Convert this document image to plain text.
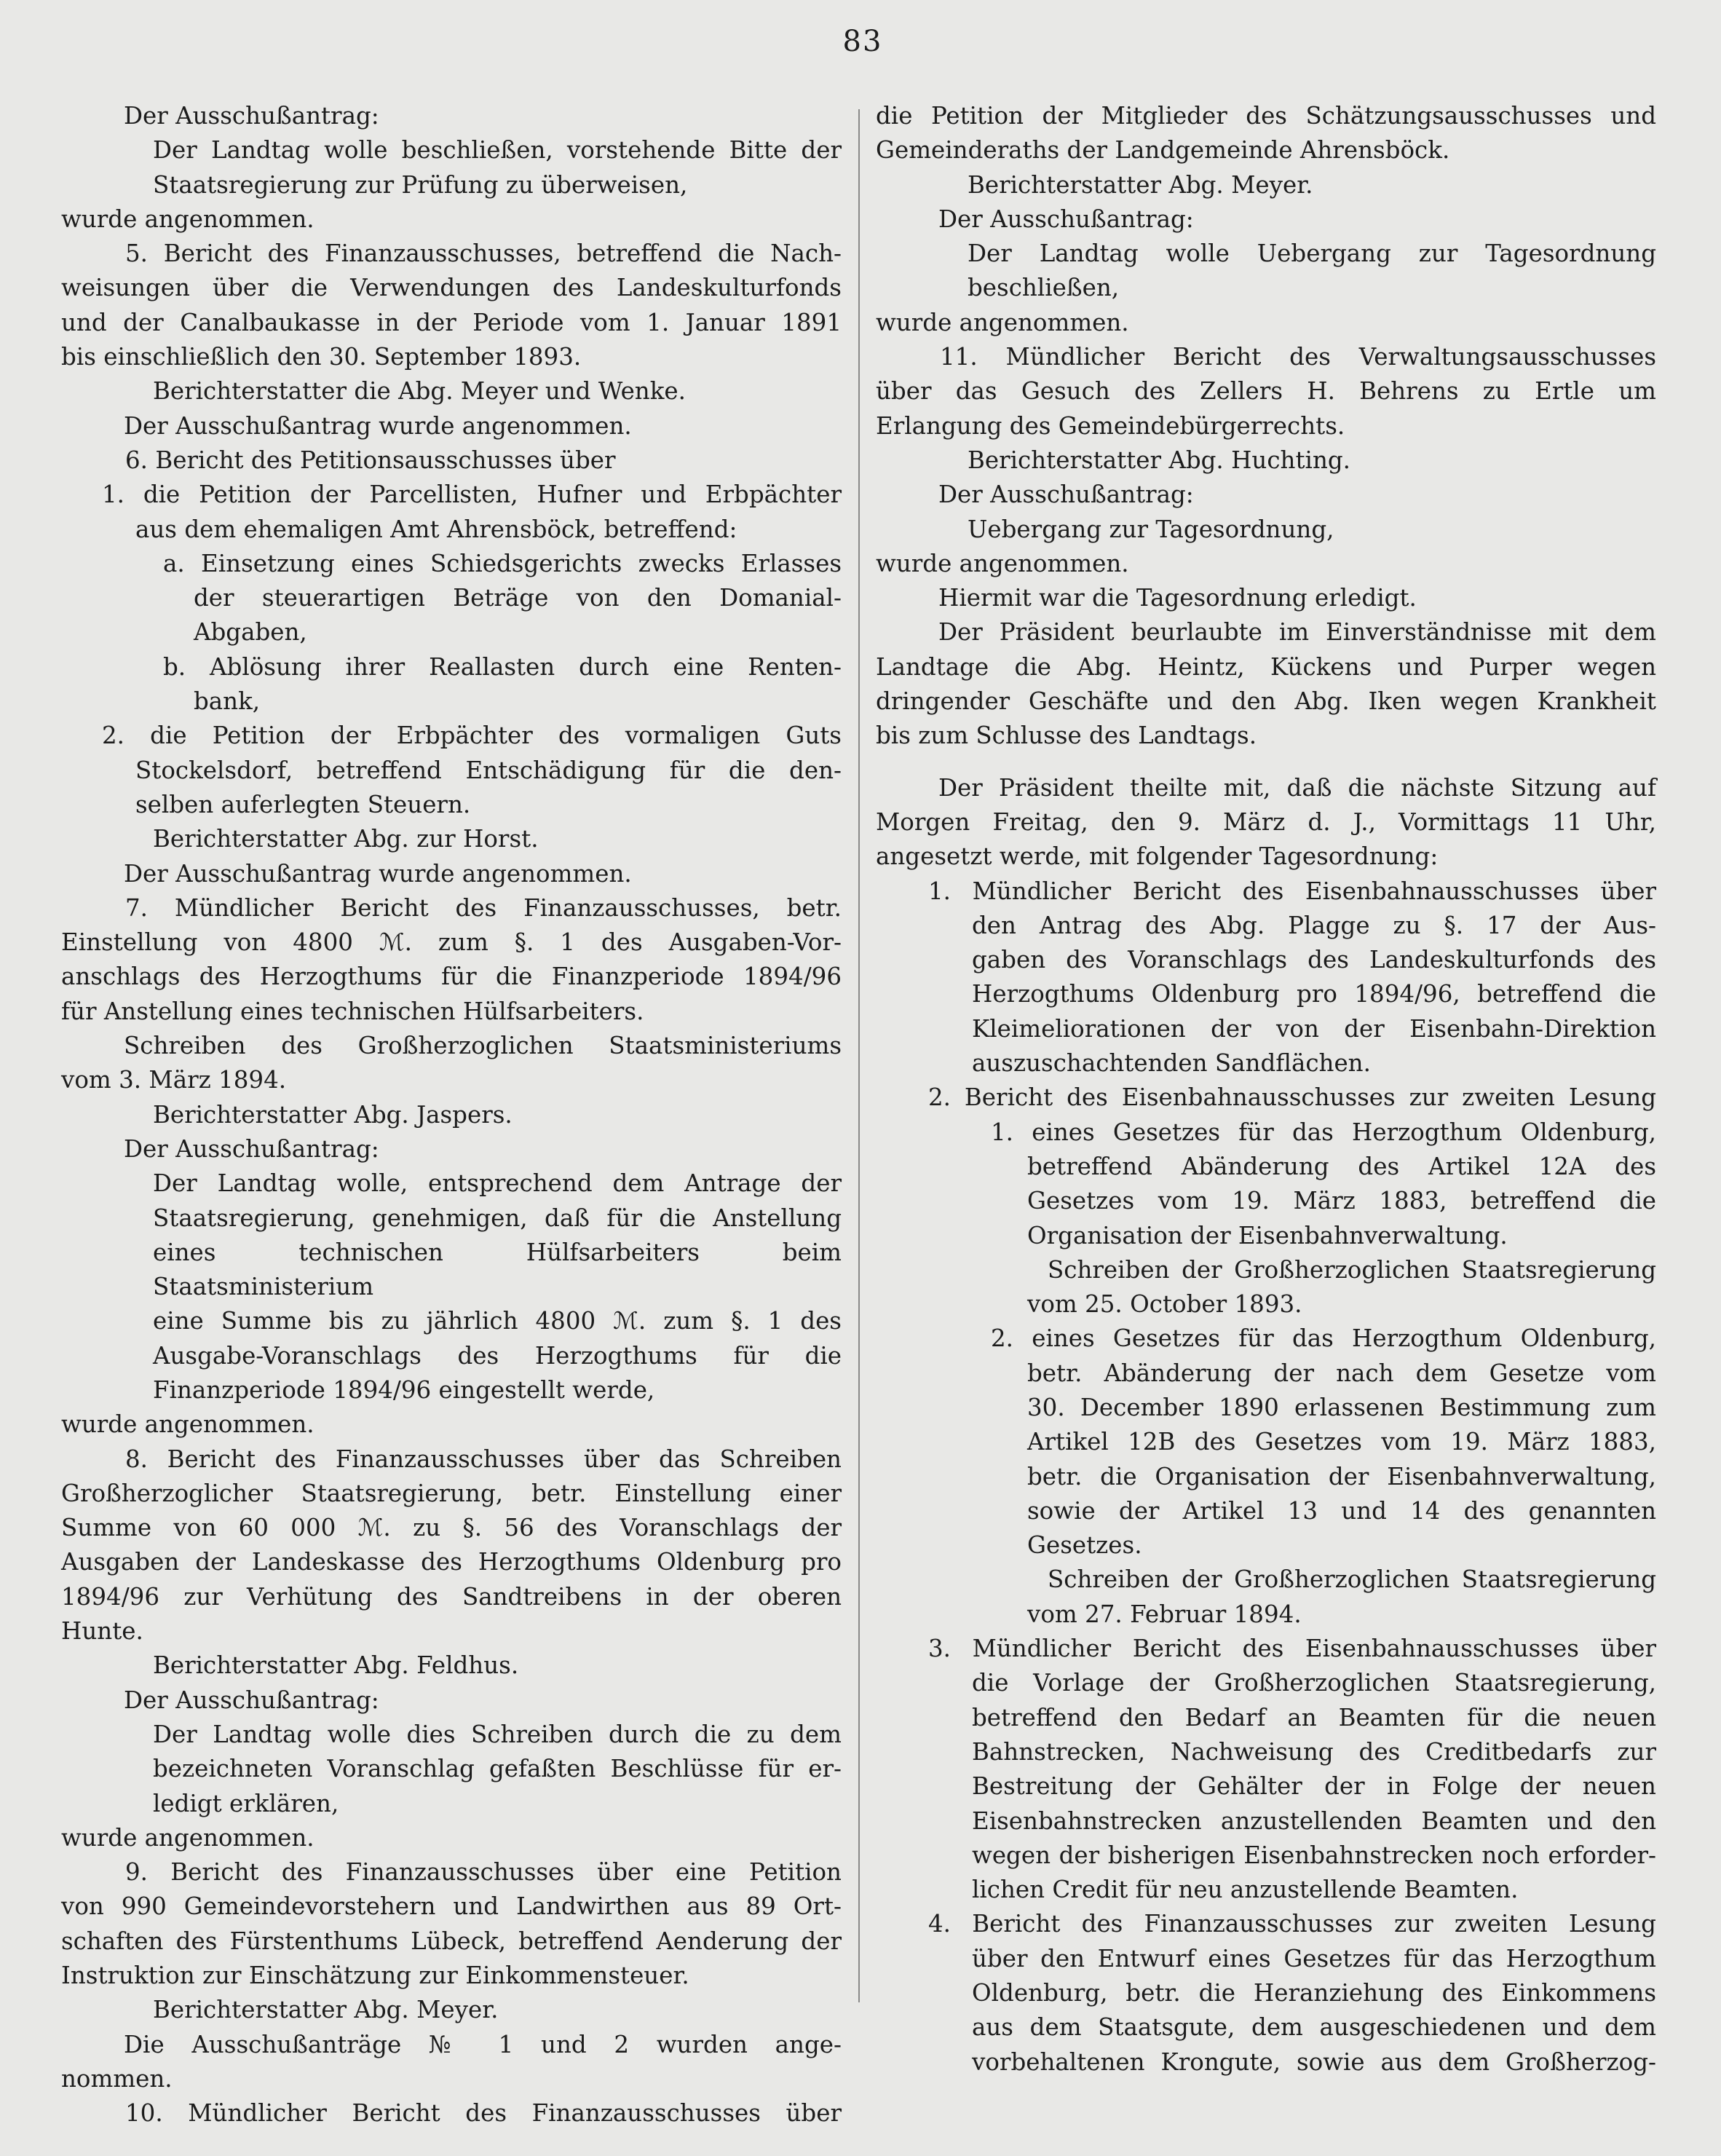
83

Der Ausschußantrag:

Der Landtag wolle beschließen, vorstehende Bitte der

Staatsregierung zur Prüfung zu überweisen,

wurde angenommen.

5. Bericht des Finanzausschusses, betreffend die Nach-

weisungen über die Verwendungen des Landeskulturfonds

und der Canalbaukasse in der Periode vom 1. Januar 1891

bis einschließlich den 30. September 1893.

Berichterstatter die Abg. Meyer und Wenke.

Der Ausschußantrag wurde angenommen.

6. Bericht des Petitionsausschusses über

1. die Petition der Parcellisten, Hufner und Erbpächter

aus dem ehemaligen Amt Ahrensböck, betreffend:

a. Einsetzung eines Schiedsgerichts zwecks Erlasses

der steuerartigen Beträge von den Domanial-

Abgaben,

b. Ablösung ihrer Reallasten durch eine Renten-

bank,

2. die Petition der Erbpächter des vormaligen Guts

Stockelsdorf, betreffend Entschädigung für die den-

selben auferlegten Steuern.

Berichterstatter Abg. zur Horst.

Der Ausschußantrag wurde angenommen.

7. Mündlicher Bericht des Finanzausschusses, betr.

Einstellung von 4800 ℳ. zum §. 1 des Ausgaben-Vor-

anschlags des Herzogthums für die Finanzperiode 1894/96

für Anstellung eines technischen Hülfsarbeiters.

Schreiben des Großherzoglichen Staatsministeriums

vom 3. März 1894.

Berichterstatter Abg. Jaspers.

Der Ausschußantrag:

Der Landtag wolle, entsprechend dem Antrage der

Staatsregierung, genehmigen, daß für die Anstellung

eines technischen Hülfsarbeiters beim Staatsministerium

eine Summe bis zu jährlich 4800 ℳ. zum §. 1 des

Ausgabe-Voranschlags des Herzogthums für die

Finanzperiode 1894/96 eingestellt werde,

wurde angenommen.

8. Bericht des Finanzausschusses über das Schreiben

Großherzoglicher Staatsregierung, betr. Einstellung einer

Summe von 60 000 ℳ. zu §. 56 des Voranschlags der

Ausgaben der Landeskasse des Herzogthums Oldenburg pro

1894/96 zur Verhütung des Sandtreibens in der oberen

Hunte.

Berichterstatter Abg. Feldhus.

Der Ausschußantrag:

Der Landtag wolle dies Schreiben durch die zu dem

bezeichneten Voranschlag gefaßten Beschlüsse für er-

ledigt erklären,

wurde angenommen.

9. Bericht des Finanzausschusses über eine Petition

von 990 Gemeindevorstehern und Landwirthen aus 89 Ort-

schaften des Fürstenthums Lübeck, betreffend Aenderung der

Instruktion zur Einschätzung zur Einkommensteuer.

Berichterstatter Abg. Meyer.

Die Ausschußanträge № 1 und 2 wurden ange-

nommen.

10. Mündlicher Bericht des Finanzausschusses über

die Petition der Mitglieder des Schätzungsausschusses und

Gemeinderaths der Landgemeinde Ahrensböck.

Berichterstatter Abg. Meyer.

Der Ausschußantrag:

Der Landtag wolle Uebergang zur Tagesordnung

beschließen,

wurde angenommen.

11. Mündlicher Bericht des Verwaltungsausschusses

über das Gesuch des Zellers H. Behrens zu Ertle um

Erlangung des Gemeindebürgerrechts.

Berichterstatter Abg. Huchting.

Der Ausschußantrag:

Uebergang zur Tagesordnung,

wurde angenommen.

Hiermit war die Tagesordnung erledigt.

Der Präsident beurlaubte im Einverständnisse mit dem

Landtage die Abg. Heintz, Kückens und Purper wegen

dringender Geschäfte und den Abg. Iken wegen Krankheit

bis zum Schlusse des Landtags.

Der Präsident theilte mit, daß die nächste Sitzung auf

Morgen Freitag, den 9. März d. J., Vormittags 11 Uhr,

angesetzt werde, mit folgender Tagesordnung:

1. Mündlicher Bericht des Eisenbahnausschusses über

den Antrag des Abg. Plagge zu §. 17 der Aus-

gaben des Voranschlags des Landeskulturfonds des

Herzogthums Oldenburg pro 1894/96, betreffend die

Kleimeliorationen der von der Eisenbahn-Direktion

auszuschachtenden Sandflächen.

2. Bericht des Eisenbahnausschusses zur zweiten Lesung

1. eines Gesetzes für das Herzogthum Oldenburg,

betreffend Abänderung des Artikel 12A des

Gesetzes vom 19. März 1883, betreffend die

Organisation der Eisenbahnverwaltung.

Schreiben der Großherzoglichen Staatsregierung

vom 25. October 1893.

2. eines Gesetzes für das Herzogthum Oldenburg,

betr. Abänderung der nach dem Gesetze vom

30. December 1890 erlassenen Bestimmung zum

Artikel 12B des Gesetzes vom 19. März 1883,

betr. die Organisation der Eisenbahnverwaltung,

sowie der Artikel 13 und 14 des genannten

Gesetzes.

Schreiben der Großherzoglichen Staatsregierung

vom 27. Februar 1894.

3. Mündlicher Bericht des Eisenbahnausschusses über

die Vorlage der Großherzoglichen Staatsregierung,

betreffend den Bedarf an Beamten für die neuen

Bahnstrecken, Nachweisung des Creditbedarfs zur

Bestreitung der Gehälter der in Folge der neuen

Eisenbahnstrecken anzustellenden Beamten und den

wegen der bisherigen Eisenbahnstrecken noch erforder-

lichen Credit für neu anzustellende Beamten.

4. Bericht des Finanzausschusses zur zweiten Lesung

über den Entwurf eines Gesetzes für das Herzogthum

Oldenburg, betr. die Heranziehung des Einkommens

aus dem Staatsgute, dem ausgeschiedenen und dem

vorbehaltenen Krongute, sowie aus dem Großherzog-
